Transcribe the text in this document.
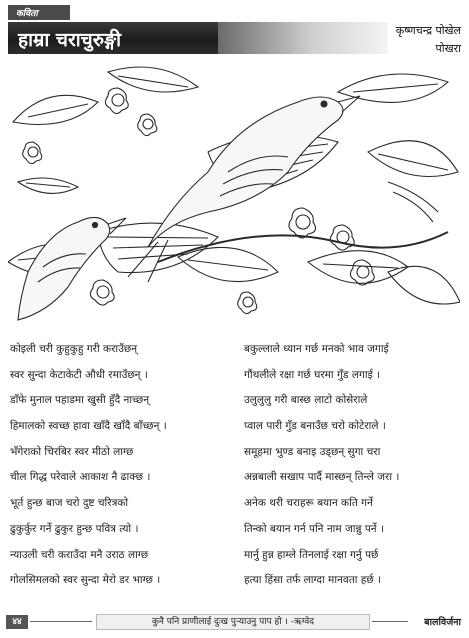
कविता
हाम्रा चराचुरुङ्गी	कृष्णचन्द्र पोखेल
पोखरा
कोइली चरी कुहुकुहु गरी कराउँछन्
स्वर सुन्दा केटाकेटी औधी रमाउँछन् ।
डाँफे मुनाल पहाडमा खुसी हुँदै नाच्छन्
हिमालको स्वच्छ हावा खाँदै खाँदै बाँच्छन् ।
भँगेराको चिरबिर स्वर मीठो लाग्छ
चील गिद्ध परेवाले आकाश नै ढाक्छ ।
भूर्त हुन्छ बाज चरो दुष्ट चरित्रको
ढुकुर्कुर गर्ने ढुकुर हुन्छ पवित्र त्यो ।
न्याउली चरी कराउँदा मनै उराठ लाग्छ
गोलसिमलको स्वर सुन्दा मेरो डर भाग्छ ।
बकुल्लाले ध्यान गर्छ मनको भाव जगाई
गौंथलीले रक्षा गर्छ घरमा गुँड लगाई ।
उलुलुलु गरी बास्छ लाटो कोसेराले
प्वाल पारी गुँड बनाउँछ चरो कोटेराले ।
समूहमा भुण्ड बनाइ उड्छन् सुगा चरा
अन्नबाली सखाप पार्दै मास्छन् तिन्ले जरा ।
अनेक थरी चराहरू बयान कति गर्ने
तिन्को बयान गर्न पनि नाम जान्नु पर्ने ।
मार्नु हुन्न हाम्ले तिनलाई रक्षा गर्नु पर्छ
हत्या हिंसा तर्फ लाग्दा मानवता हर्छ ।
४४	कुनै पनि प्राणीलाई दुःख पुऱ्याउनु पाप हो । -ऋग्वेद	बालविर्जना
